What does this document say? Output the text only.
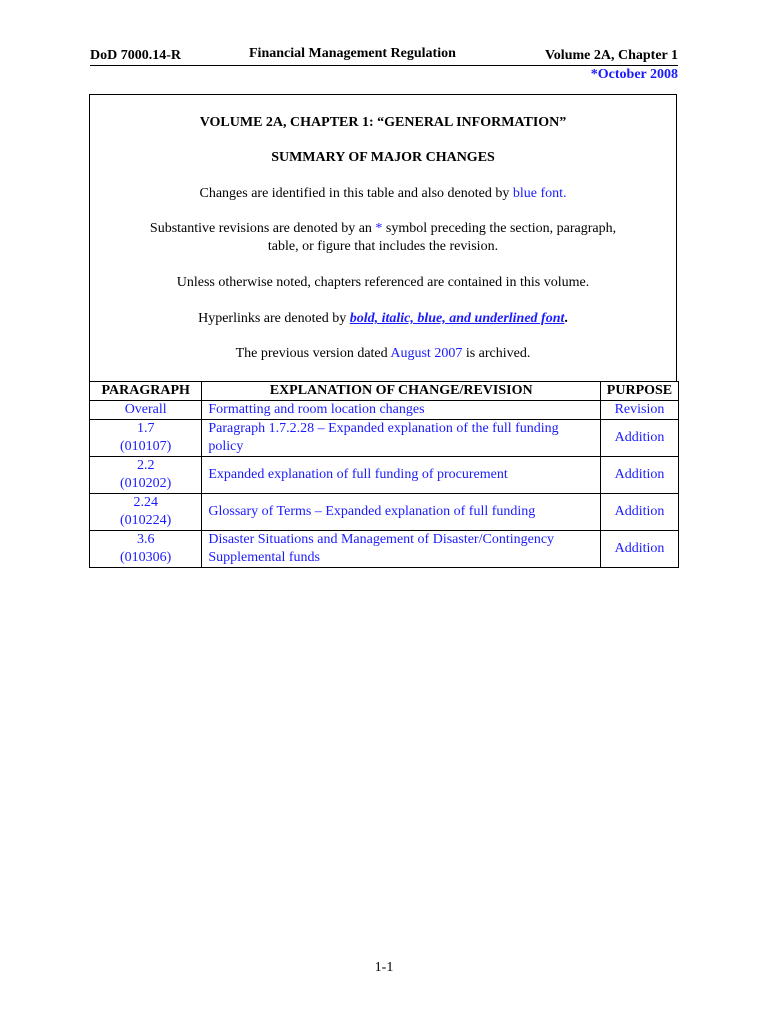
DoD 7000.14-R	Financial Management Regulation	Volume 2A, Chapter 1
*October 2008

VOLUME 2A, CHAPTER 1: “GENERAL INFORMATION”

SUMMARY OF MAJOR CHANGES

Changes are identified in this table and also denoted by blue font.

Substantive revisions are denoted by an * symbol preceding the section, paragraph,

table, or figure that includes the revision.

Unless otherwise noted, chapters referenced are contained in this volume.

Hyperlinks are denoted by bold, italic, blue, and underlined font.

The previous version dated August 2007 is archived.

PARAGRAPH	EXPLANATION OF CHANGE/REVISION	PURPOSE

Overall	Formatting and room location changes	Revision

1.7
(010107)	Paragraph 1.7.2.28 – Expanded explanation of the full funding policy	Addition

2.2
(010202)	Expanded explanation of full funding of procurement	Addition

2.24
(010224)	Glossary of Terms – Expanded explanation of full funding	Addition

3.6
(010306)	Disaster Situations and Management of Disaster/Contingency Supplemental funds	Addition
1-1
